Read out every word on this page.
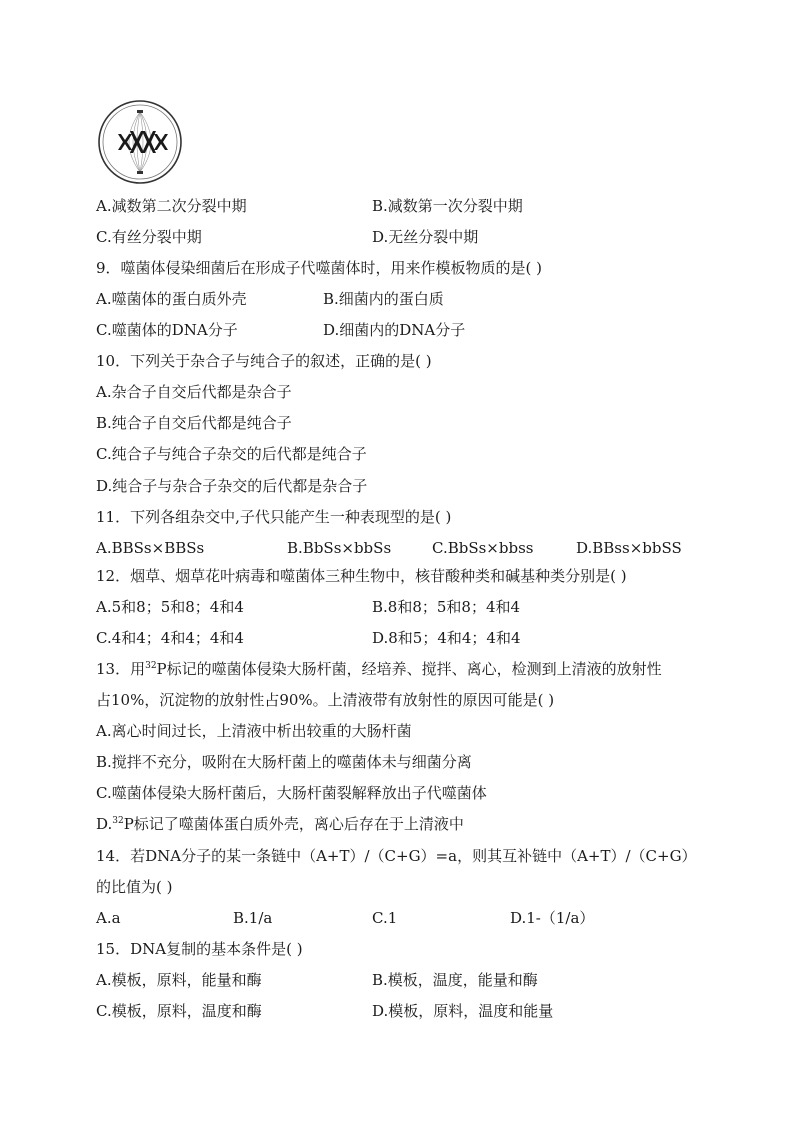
A.减数第二次分裂中期	B.减数第一次分裂中期
C.有丝分裂中期	D.无丝分裂中期
9．噬菌体侵染细菌后在形成子代噬菌体时，用来作模板物质的是( )
A.噬菌体的蛋白质外壳	B.细菌内的蛋白质
C.噬菌体的DNA分子	D.细菌内的DNA分子
10．下列关于杂合子与纯合子的叙述，正确的是( )
A.杂合子自交后代都是杂合子
B.纯合子自交后代都是纯合子
C.纯合子与纯合子杂交的后代都是纯合子
D.纯合子与杂合子杂交的后代都是杂合子
11．下列各组杂交中,子代只能产生一种表现型的是( )
A.BBSs×BBSs	B.BbSs×bbSs	C.BbSs×bbss	D.BBss×bbSS
12．烟草、烟草花叶病毒和噬菌体三种生物中，核苷酸种类和碱基种类分别是( )
A.5和8；5和8；4和4	B.8和8；5和8；4和4
C.4和4；4和4；4和4	D.8和5；4和4；4和4
13．用$^{32}$P标记的噬菌体侵染大肠杆菌，经培养、搅拌、离心，检测到上清液的放射性
占10%，沉淀物的放射性占90%。上清液带有放射性的原因可能是( )
A.离心时间过长，上清液中析出较重的大肠杆菌
B.搅拌不充分，吸附在大肠杆菌上的噬菌体未与细菌分离
C.噬菌体侵染大肠杆菌后，大肠杆菌裂解释放出子代噬菌体
D.$^{32}$P标记了噬菌体蛋白质外壳，离心后存在于上清液中
14．若DNA分子的某一条链中（A+T）/（C+G）=a，则其互补链中（A+T）/（C+G）
的比值为( )
A.a	B.1/a	C.1	D.1-（1/a）
15．DNA复制的基本条件是( )
A.模板，原料，能量和酶	B.模板，温度，能量和酶
C.模板，原料，温度和酶	D.模板，原料，温度和能量
